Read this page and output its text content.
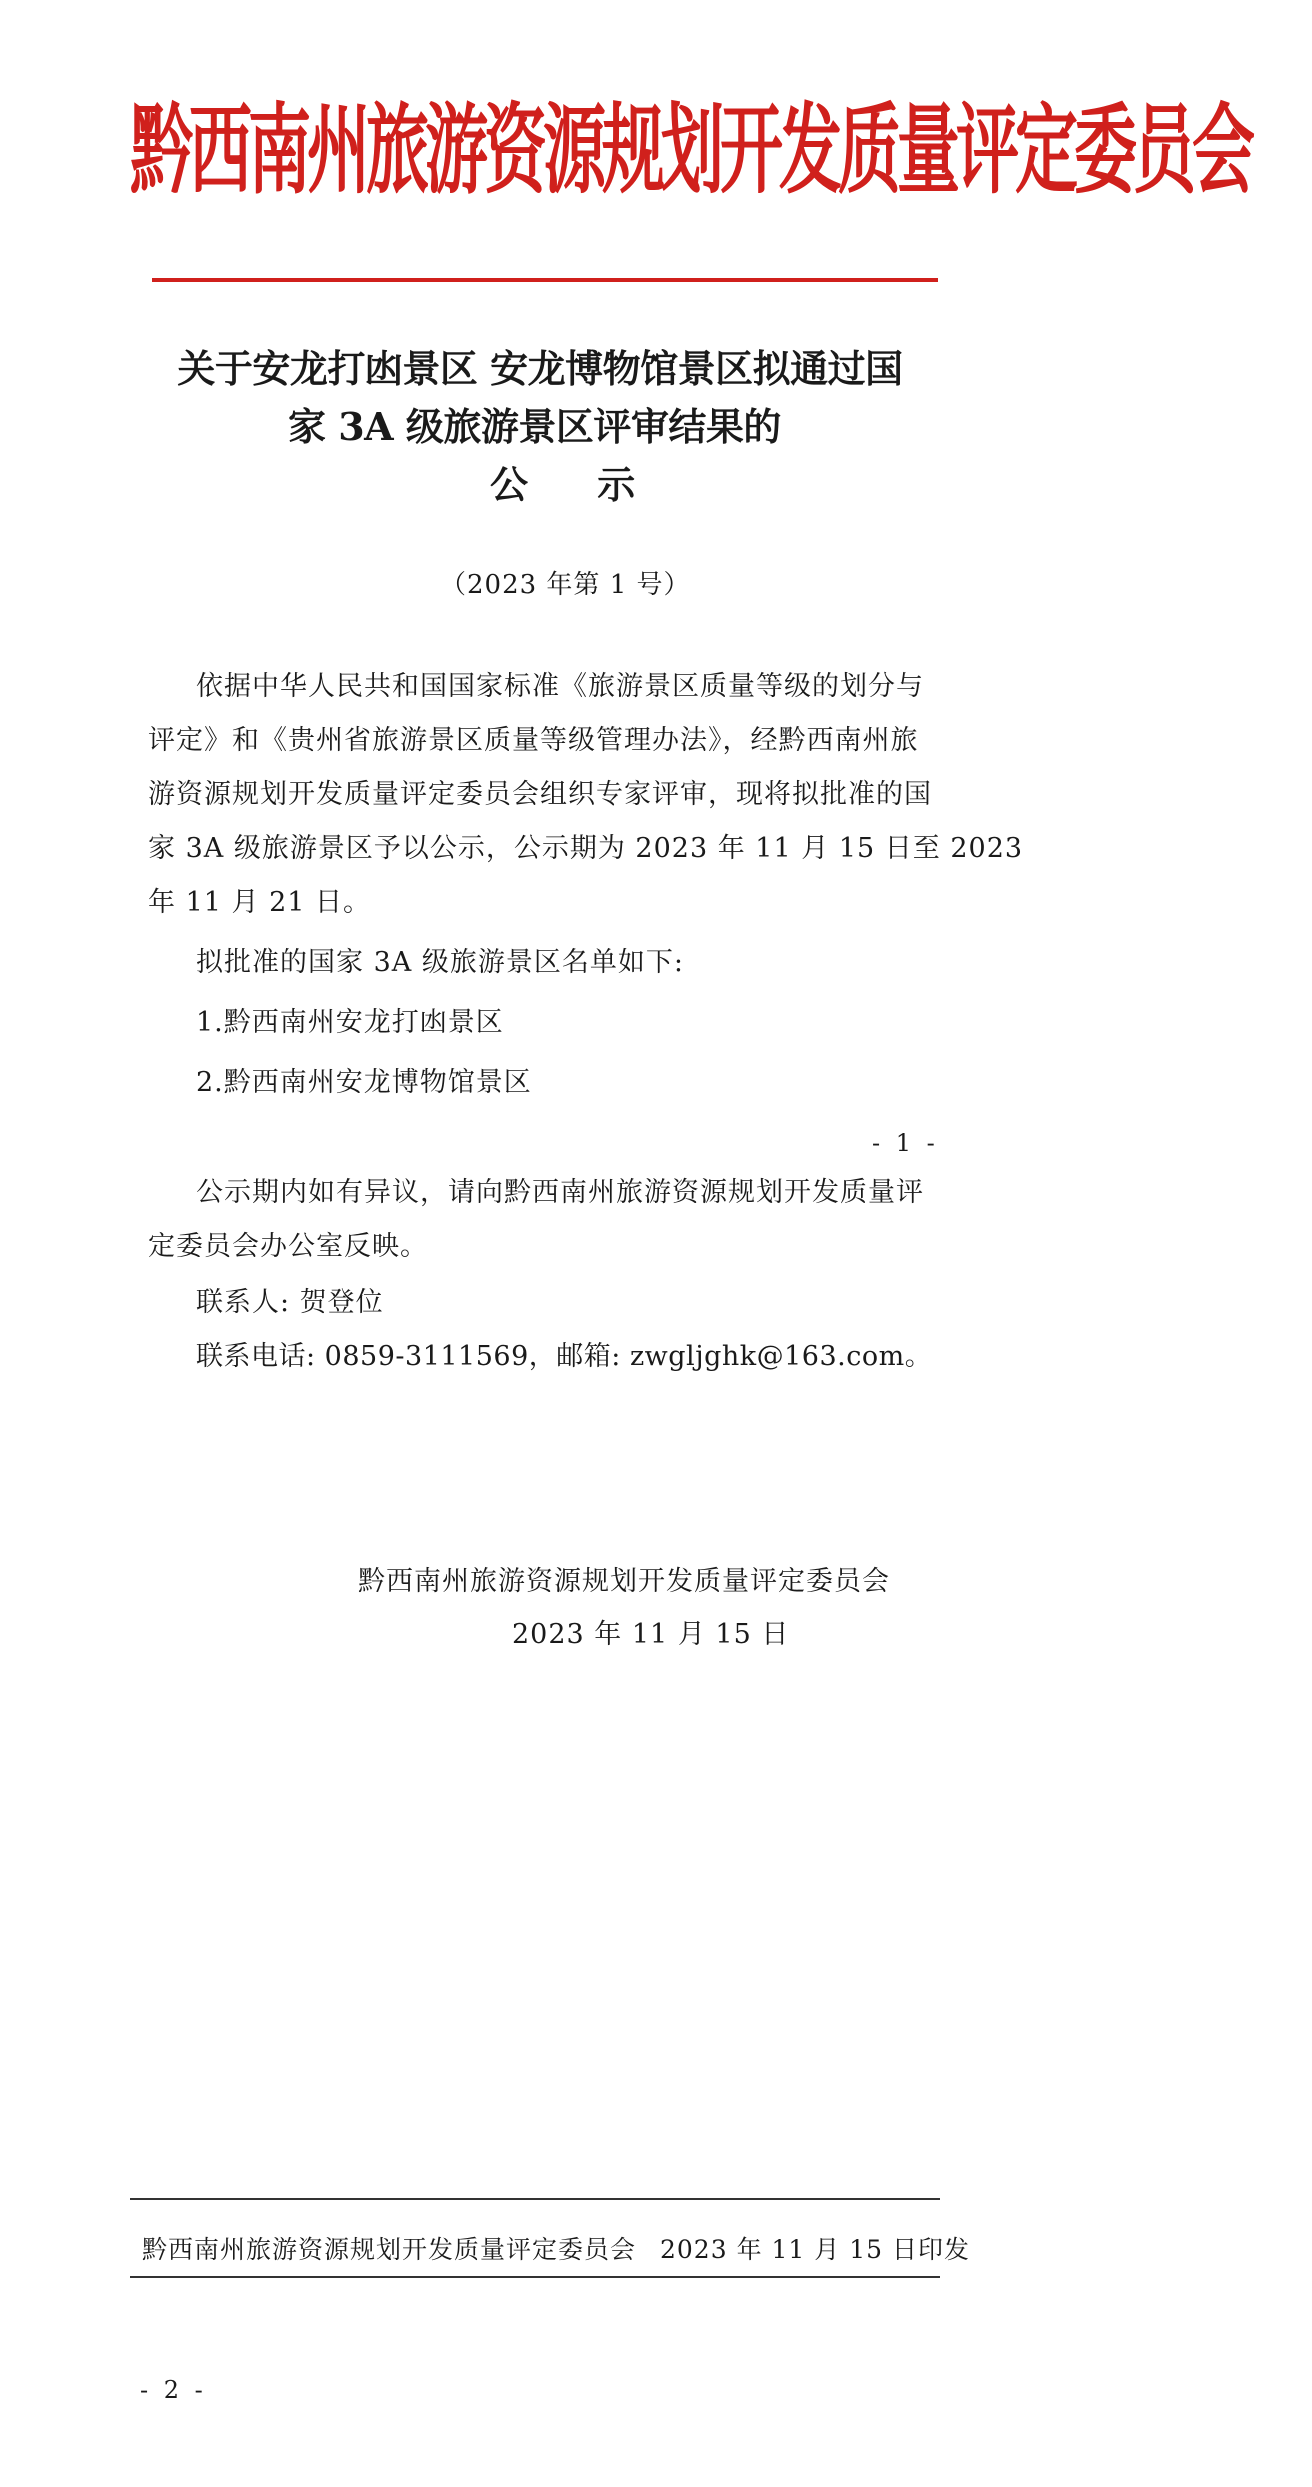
黔西南州旅游资源规划开发质量评定委员会
关于安龙打凼景区 安龙博物馆景区拟通过国
家 3A 级旅游景区评审结果的
公 示
（2023 年第 1 号）
依据中华人民共和国国家标准《旅游景区质量等级的划分与
评定》和《贵州省旅游景区质量等级管理办法》，经黔西南州旅
游资源规划开发质量评定委员会组织专家评审，现将拟批准的国
家 3A 级旅游景区予以公示，公示期为 2023 年 11 月 15 日至 2023
年 11 月 21 日。
拟批准的国家 3A 级旅游景区名单如下:
1.黔西南州安龙打凼景区
2.黔西南州安龙博物馆景区
- 1 -
公示期内如有异议，请向黔西南州旅游资源规划开发质量评
定委员会办公室反映。
联系人: 贺登位
联系电话: 0859-3111569，邮箱: zwgljghk@163.com。
黔西南州旅游资源规划开发质量评定委员会
2023 年 11 月 15 日
黔西南州旅游资源规划开发质量评定委员会 2023 年 11 月 15 日印发
- 2 -
